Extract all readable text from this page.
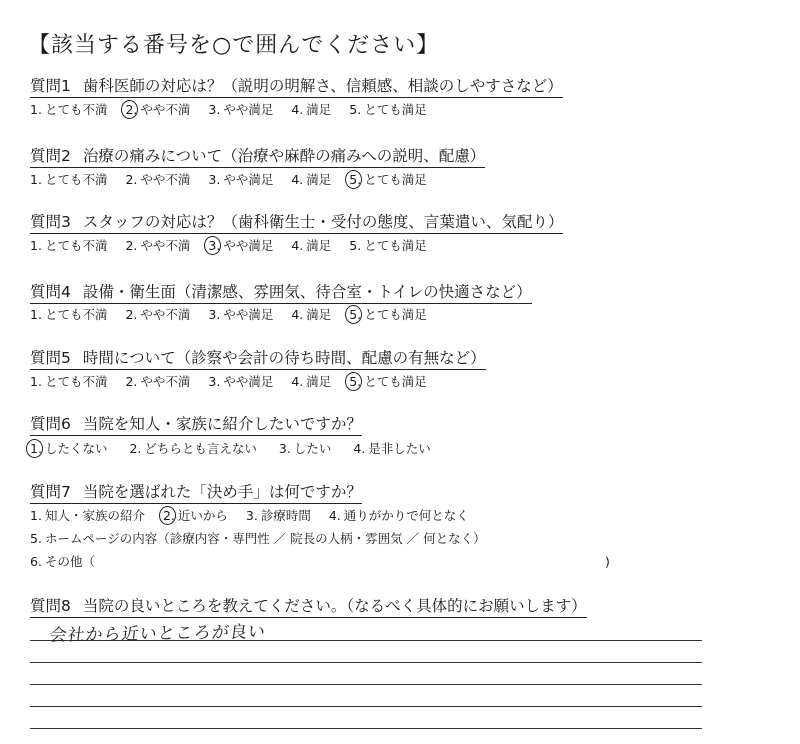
【該当する番号を○で囲んでください】
質問1 歯科医師の対応は？（説明の明解さ、信頼感、相談のしやすさなど）
1. とても不満 2. やや不満 3. やや満足 4. 満足 5. とても満足
質問2 治療の痛みについて（治療や麻酔の痛みへの説明、配慮）
1. とても不満 2. やや不満 3. やや満足 4. 満足 5. とても満足
質問3 スタッフの対応は？（歯科衛生士・受付の態度、言葉遣い、気配り）
1. とても不満 2. やや不満 3. やや満足 4. 満足 5. とても満足
質問4 設備・衛生面（清潔感、雰囲気、待合室・トイレの快適さなど）
1. とても不満 2. やや不満 3. やや満足 4. 満足 5. とても満足
質問5 時間について（診察や会計の待ち時間、配慮の有無など）
1. とても不満 2. やや不満 3. やや満足 4. 満足 5. とても満足
質問6 当院を知人・家族に紹介したいですか？
1. したくない 2. どちらとも言えない 3. したい 4. 是非したい
質問7 当院を選ばれた「決め手」は何ですか？
1. 知人・家族の紹介 2. 近いから 3. 診療時間 4. 通りがかりで何となく
5. ホームページの内容（診療内容・専門性 ／ 院長の人柄・雰囲気 ／ 何となく）
6. その他（	)
質問8 当院の良いところを教えてください。（なるべく具体的にお願いします）
会社から近いところが良い
